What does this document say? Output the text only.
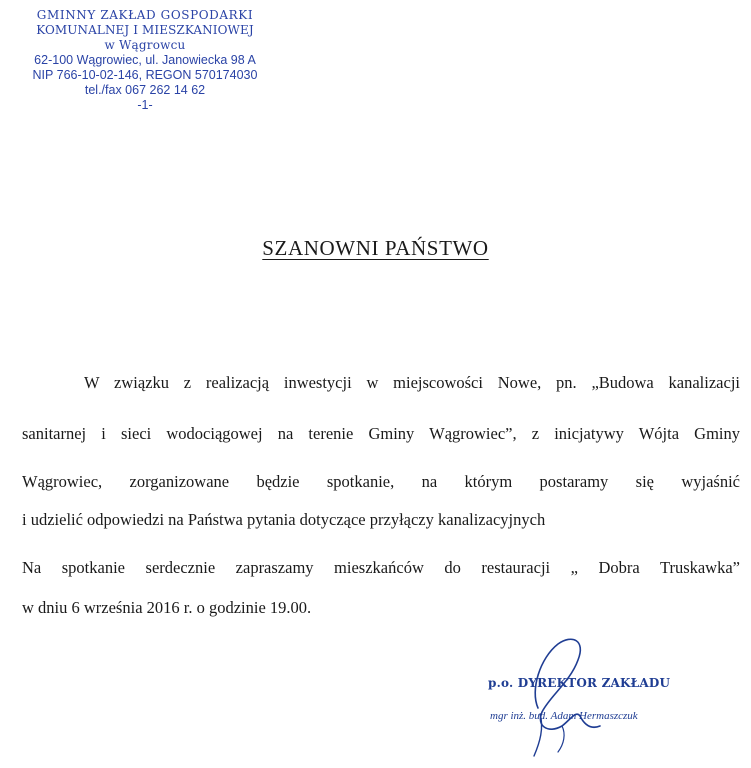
GMINNY ZAKŁAD GOSPODARKI
KOMUNALNEJ I MIESZKANIOWEJ
w Wągrowcu
62-100 Wągrowiec, ul. Janowiecka 98 A
NIP 766-10-02-146, REGON 570174030
tel./fax 067 262 14 62
-1-
SZANOWNI PAŃSTWO
W związku z realizacją inwestycji w miejscowości Nowe, pn. „Budowa kanalizacji
sanitarnej i sieci wodociągowej na terenie Gminy Wągrowiec”, z inicjatywy Wójta Gminy
Wągrowiec, zorganizowane będzie spotkanie, na którym postaramy się wyjaśnić
i udzielić odpowiedzi na Państwa pytania dotyczące przyłączy kanalizacyjnych
Na spotkanie serdecznie zapraszamy mieszkańców do restauracji „ Dobra Truskawka”
w dniu 6 września 2016 r. o godzinie 19.00.
p.o. DYREKTOR ZAKŁADU
mgr inż. bud. Adam Hermaszczuk
